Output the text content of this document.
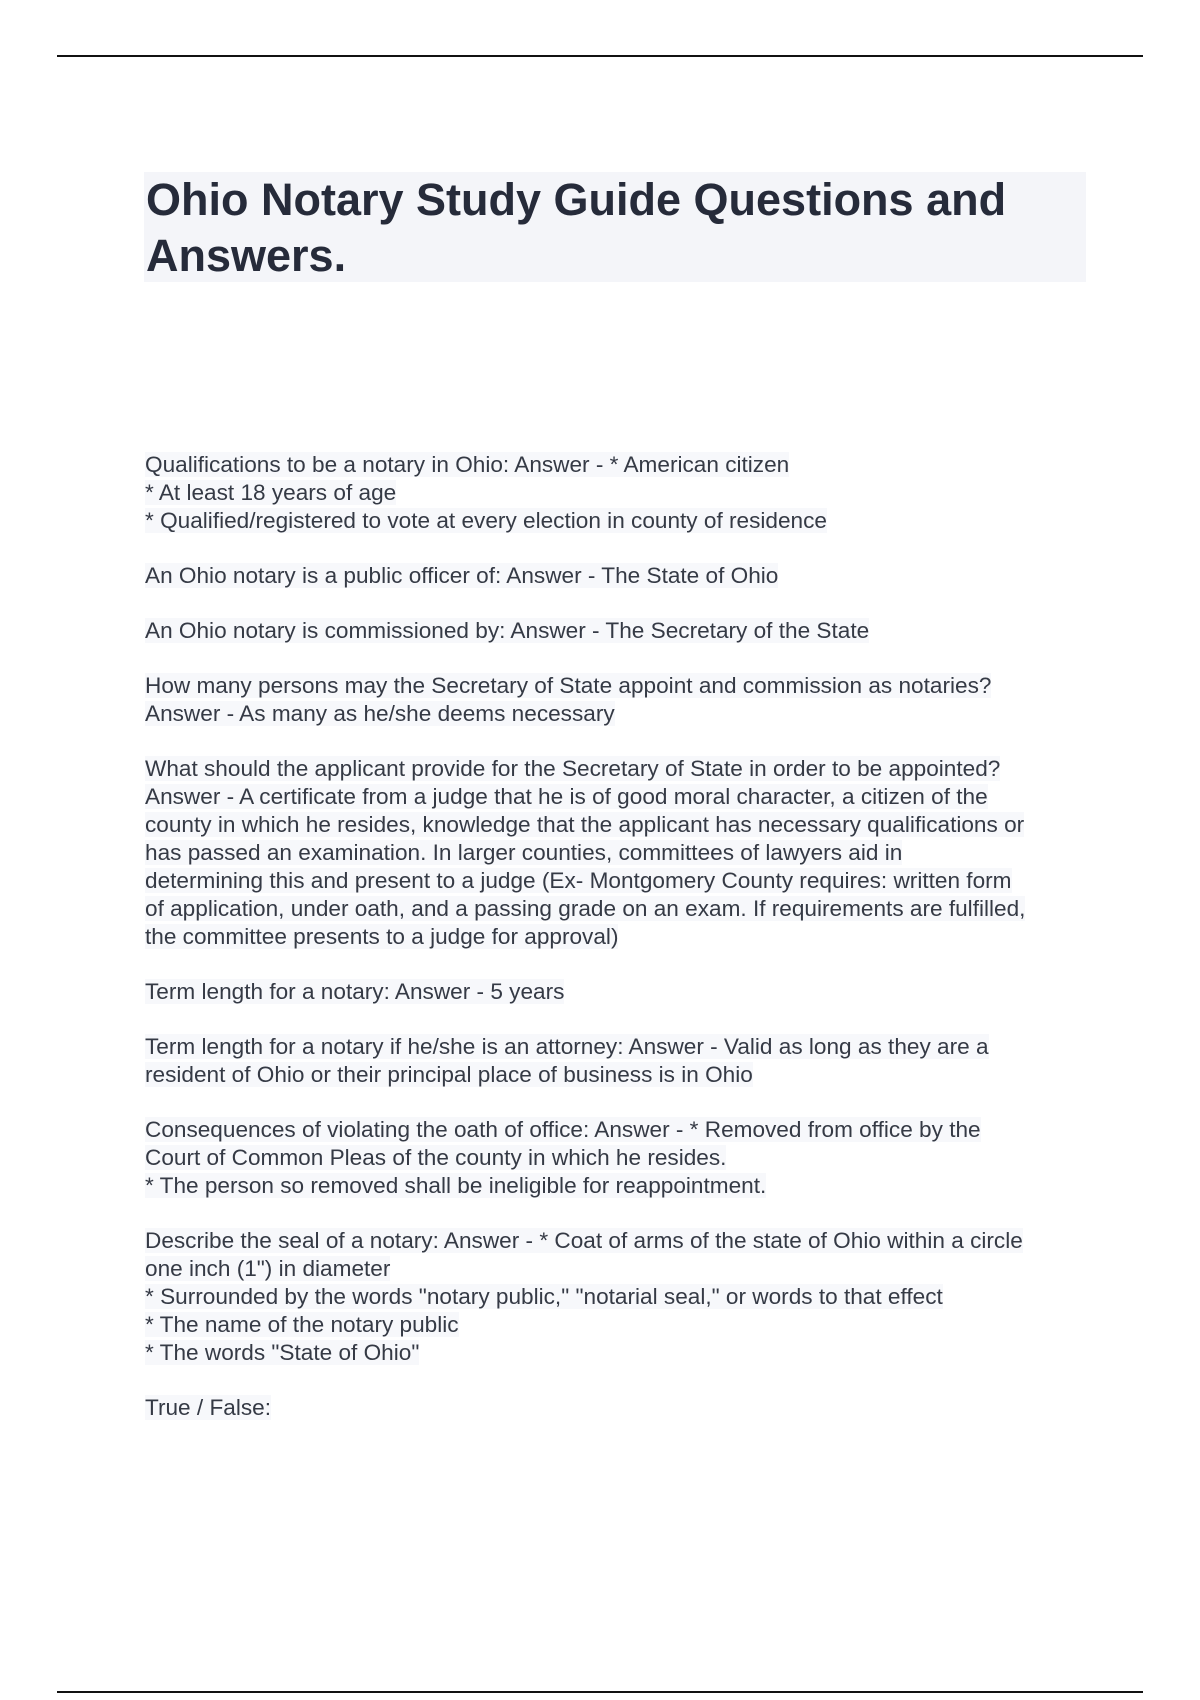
Ohio Notary Study Guide Questions and
Answers.

Qualifications to be a notary in Ohio: Answer - * American citizen
* At least 18 years of age
* Qualified/registered to vote at every election in county of residence

An Ohio notary is a public officer of: Answer - The State of Ohio

An Ohio notary is commissioned by: Answer - The Secretary of the State

How many persons may the Secretary of State appoint and commission as notaries?
Answer - As many as he/she deems necessary

What should the applicant provide for the Secretary of State in order to be appointed?
Answer - A certificate from a judge that he is of good moral character, a citizen of the
county in which he resides, knowledge that the applicant has necessary qualifications or
has passed an examination. In larger counties, committees of lawyers aid in
determining this and present to a judge (Ex- Montgomery County requires: written form
of application, under oath, and a passing grade on an exam. If requirements are fulfilled,
the committee presents to a judge for approval)

Term length for a notary: Answer - 5 years

Term length for a notary if he/she is an attorney: Answer - Valid as long as they are a
resident of Ohio or their principal place of business is in Ohio

Consequences of violating the oath of office: Answer - * Removed from office by the
Court of Common Pleas of the county in which he resides.
* The person so removed shall be ineligible for reappointment.

Describe the seal of a notary: Answer - * Coat of arms of the state of Ohio within a circle
one inch (1") in diameter
* Surrounded by the words "notary public," "notarial seal," or words to that effect
* The name of the notary public
* The words "State of Ohio"

True / False:
